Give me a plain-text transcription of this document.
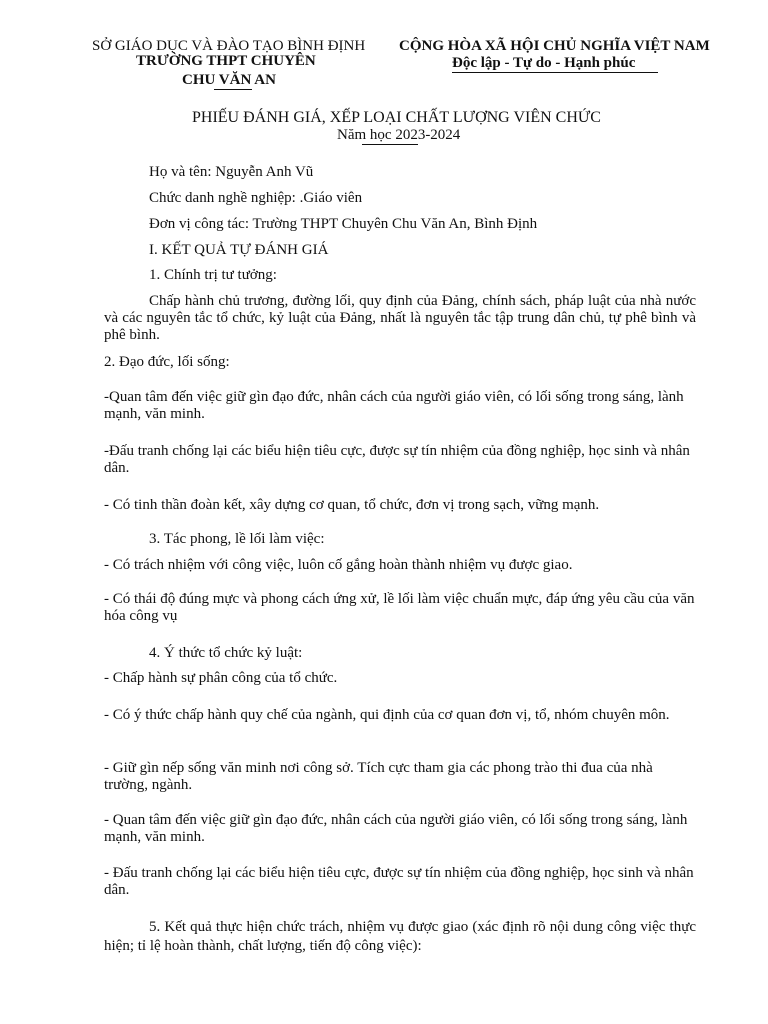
SỞ GIÁO DỤC VÀ ĐÀO TẠO BÌNH ĐỊNH
TRƯỜNG THPT CHUYÊN
CHU VĂN AN
CỘNG HÒA XÃ HỘI CHỦ NGHĨA VIỆT NAM
Độc lập - Tự do - Hạnh phúc
PHIẾU ĐÁNH GIÁ, XẾP LOẠI CHẤT LƯỢNG VIÊN CHỨC
Năm học 2023-2024
Họ và tên: Nguyễn Anh Vũ
Chức danh nghề nghiệp: .Giáo viên
Đơn vị công tác: Trường THPT Chuyên Chu Văn An, Bình Định
I. KẾT QUẢ TỰ ĐÁNH GIÁ
1. Chính trị tư tưởng:
Chấp hành chủ trương, đường lối, quy định của Đảng, chính sách, pháp luật của nhà nước và các nguyên tắc tổ chức, kỷ luật của Đảng, nhất là nguyên tắc tập trung dân chủ, tự phê bình và phê bình.
2. Đạo đức, lối sống:
-Quan tâm đến việc giữ gìn đạo đức, nhân cách của người giáo viên, có lối sống trong sáng, lành mạnh, văn minh.
-Đấu tranh chống lại các biểu hiện tiêu cực, được sự tín nhiệm của đồng nghiệp, học sinh và nhân dân.
- Có tinh thần đoàn kết, xây dựng cơ quan, tổ chức, đơn vị trong sạch, vững mạnh.
3. Tác phong, lề lối làm việc:
- Có trách nhiệm với công việc, luôn cố gắng hoàn thành nhiệm vụ được giao.
- Có thái độ đúng mực và phong cách ứng xử, lề lối làm việc chuẩn mực, đáp ứng yêu cầu của văn hóa công vụ
4. Ý thức tổ chức kỷ luật:
- Chấp hành sự phân công của tổ chức.
- Có ý thức chấp hành quy chế của ngành, qui định của cơ quan đơn vị, tổ, nhóm chuyên môn.
- Giữ gìn nếp sống văn minh nơi công sở. Tích cực tham gia các phong trào thi đua của nhà trường, ngành.
- Quan tâm đến việc giữ gìn đạo đức, nhân cách của người giáo viên, có lối sống trong sáng, lành mạnh, văn minh.
- Đấu tranh chống lại các biểu hiện tiêu cực, được sự tín nhiệm của đồng nghiệp, học sinh và nhân dân.
5. Kết quả thực hiện chức trách, nhiệm vụ được giao (xác định rõ nội dung công việc thực hiện; tỉ lệ hoàn thành, chất lượng, tiến độ công việc):
